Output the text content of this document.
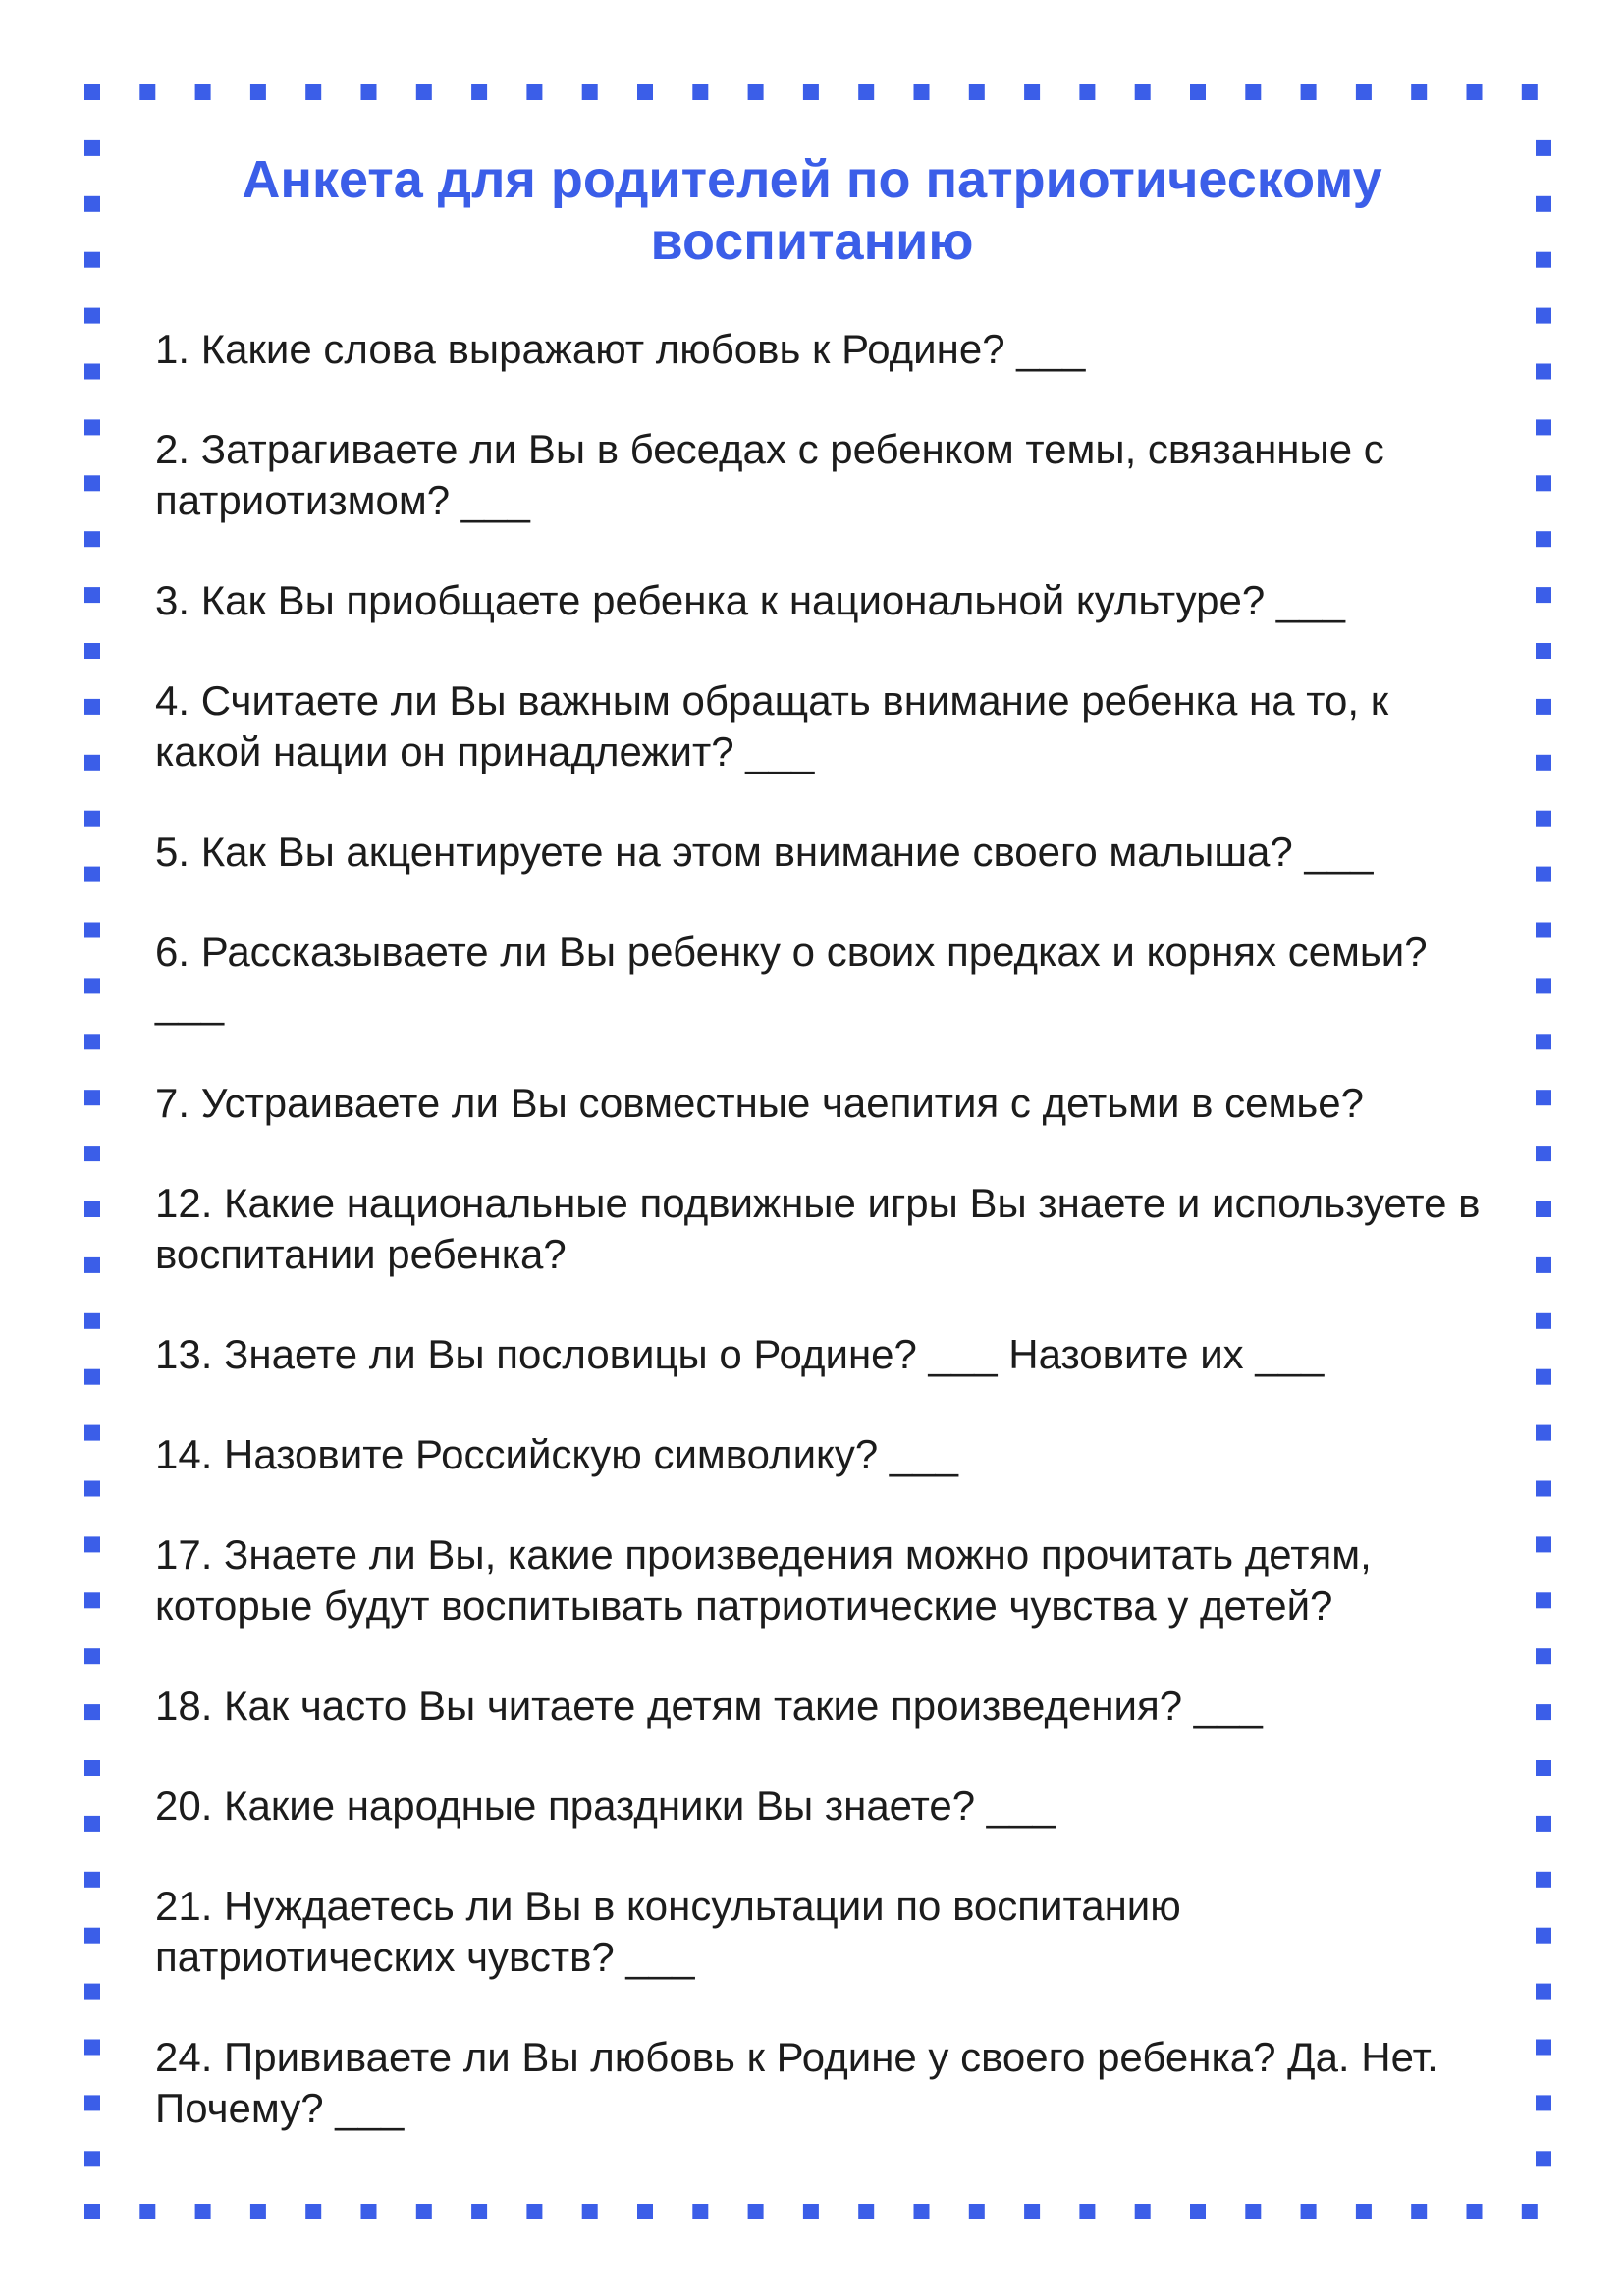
Анкета для родителей по патриотическому воспитанию
1. Какие слова выражают любовь к Родине? ___
2. Затрагиваете ли Вы в беседах с ребенком темы, связанные с патриотизмом? ___
3. Как Вы приобщаете ребенка к национальной культуре? ___
4. Считаете ли Вы важным обращать внимание ребенка на то, к какой нации он принадлежит? ___
5. Как Вы акцентируете на этом внимание своего малыша? ___
6. Рассказываете ли Вы ребенку о своих предках и корнях семьи? ___
7. Устраиваете ли Вы совместные чаепития с детьми в семье?
12. Какие национальные подвижные игры Вы знаете и используете в воспитании ребенка?
13. Знаете ли Вы пословицы о Родине? ___ Назовите их ___
14. Назовите Российскую символику? ___
17. Знаете ли Вы, какие произведения можно прочитать детям, которые будут воспитывать патриотические чувства у детей?
18. Как часто Вы читаете детям такие произведения? ___
20. Какие народные праздники Вы знаете? ___
21. Нуждаетесь ли Вы в консультации по воспитанию патриотических чувств? ___
24. Прививаете ли Вы любовь к Родине у своего ребенка? Да. Нет. Почему? ___
